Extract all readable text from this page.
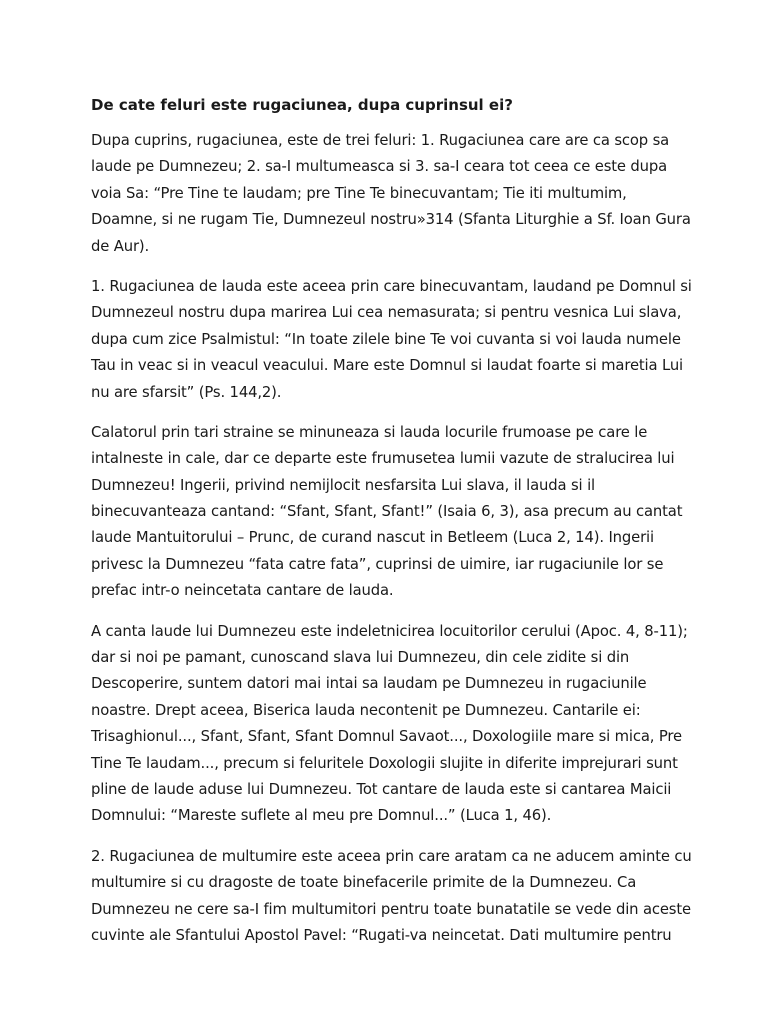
De cate feluri este rugaciunea, dupa cuprinsul ei?
Dupa cuprins, rugaciunea, este de trei feluri: 1. Rugaciunea care are ca scop sa
laude pe Dumnezeu; 2. sa-I multumeasca si 3. sa-I ceara tot ceea ce este dupa
voia Sa: “Pre Tine te laudam; pre Tine Te binecuvantam; Tie iti multumim,
Doamne, si ne rugam Tie, Dumnezeul nostru»314 (Sfanta Liturghie a Sf. Ioan Gura
de Aur).
1. Rugaciunea de lauda este aceea prin care binecuvantam, laudand pe Domnul si
Dumnezeul nostru dupa marirea Lui cea nemasurata; si pentru vesnica Lui slava,
dupa cum zice Psalmistul: “In toate zilele bine Te voi cuvanta si voi lauda numele
Tau in veac si in veacul veacului. Mare este Domnul si laudat foarte si maretia Lui
nu are sfarsit” (Ps. 144,2).
Calatorul prin tari straine se minuneaza si lauda locurile frumoase pe care le
intalneste in cale, dar ce departe este frumusetea lumii vazute de stralucirea lui
Dumnezeu! Ingerii, privind nemijlocit nesfarsita Lui slava, il lauda si il
binecuvanteaza cantand: “Sfant, Sfant, Sfant!” (Isaia 6, 3), asa precum au cantat
laude Mantuitorului – Prunc, de curand nascut in Betleem (Luca 2, 14). Ingerii
privesc la Dumnezeu “fata catre fata”, cuprinsi de uimire, iar rugaciunile lor se
prefac intr-o neincetata cantare de lauda.
A canta laude lui Dumnezeu este indeletnicirea locuitorilor cerului (Apoc. 4, 8-11);
dar si noi pe pamant, cunoscand slava lui Dumnezeu, din cele zidite si din
Descoperire, suntem datori mai intai sa laudam pe Dumnezeu in rugaciunile
noastre. Drept aceea, Biserica lauda necontenit pe Dumnezeu. Cantarile ei:
Trisaghionul..., Sfant, Sfant, Sfant Domnul Savaot..., Doxologiile mare si mica, Pre
Tine Te laudam..., precum si feluritele Doxologii slujite in diferite imprejurari sunt
pline de laude aduse lui Dumnezeu. Tot cantare de lauda este si cantarea Maicii
Domnului: “Mareste suflete al meu pre Domnul...” (Luca 1, 46).
2. Rugaciunea de multumire este aceea prin care aratam ca ne aducem aminte cu
multumire si cu dragoste de toate binefacerile primite de la Dumnezeu. Ca
Dumnezeu ne cere sa-I fim multumitori pentru toate bunatatile se vede din aceste
cuvinte ale Sfantului Apostol Pavel: “Rugati-va neincetat. Dati multumire pentru
